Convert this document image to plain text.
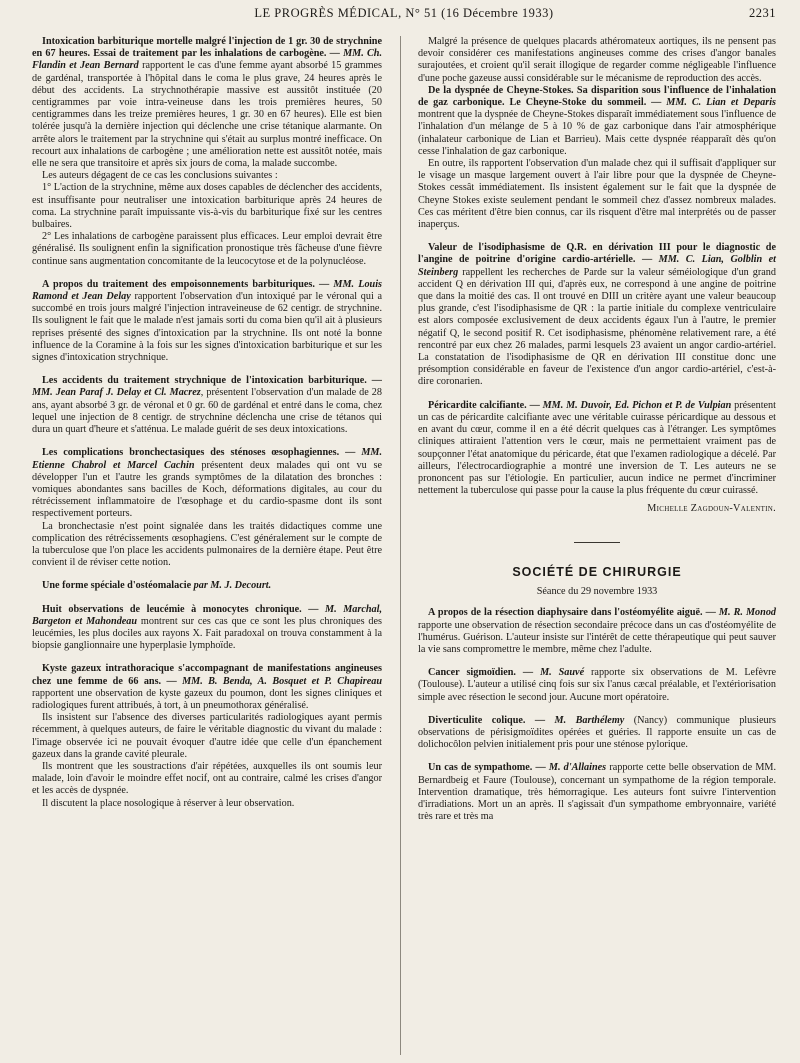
LE PROGRÈS MÉDICAL, N° 51 (16 Décembre 1933)	2231

Intoxication barbiturique mortelle malgré l'injection de 1 gr. 30 de strychnine en 67 heures. Essai de traitement par les inhalations de carbogène. — MM. Ch. Flandin et Jean Bernard rapportent le cas d'une femme ayant absorbé 15 grammes de gardénal, transportée à l'hôpital dans le coma le plus grave, 24 heures après le début des accidents. La strychnothérapie massive est aussitôt instituée (20 centigrammes par voie intra-veineuse dans les trois premières heures, 50 centigrammes dans les treize premières heures, 1 gr. 30 en 67 heures). Elle est bien tolérée jusqu'à la dernière injection qui déclenche une crise tétanique alarmante. On arrête alors le traitement par la strychnine qui s'était au surplus montré inefficace. On recourt aux inhalations de carbogène ; une amélioration nette est aussitôt notée, mais elle ne sera que transitoire et après six jours de coma, la malade succombe.

Les auteurs dégagent de ce cas les conclusions suivantes :

1° L'action de la strychnine, même aux doses capables de déclencher des accidents, est insuffisante pour neutraliser une intoxication barbiturique après 24 heures de coma. La strychnine paraît impuissante vis-à-vis du barbiturique fixé sur les centres bulbaires.

2° Les inhalations de carbogène paraissent plus efficaces. Leur emploi devrait être généralisé. Ils soulignent enfin la signification pronostique très fâcheuse d'une fièvre continue sans augmentation concomitante de la leucocytose et de la polynucléose.

A propos du traitement des empoisonnements barbituriques. — MM. Louis Ramond et Jean Delay rapportent l'observation d'un intoxiqué par le véronal qui a succombé en trois jours malgré l'injection intraveineuse de 62 centigr. de strychnine. Ils soulignent le fait que le malade n'est jamais sorti du coma bien qu'il ait à plusieurs reprises présenté des signes d'intoxication par la strychnine. Ils ont noté la bonne influence de la Coramine à la fois sur les signes d'intoxication barbiturique et sur les signes d'intoxication strychnique.

Les accidents du traitement strychnique de l'intoxication barbiturique. — MM. Jean Paraf J. Delay et Cl. Macrez, présentent l'observation d'un malade de 28 ans, ayant absorbé 3 gr. de véronal et 0 gr. 60 de gardénal et entré dans le coma, chez lequel une injection de 8 centigr. de strychnine déclencha une crise de tétanos qui dura un quart d'heure et s'atténua. Le malade guérit de ses deux intoxications.

Les complications bronchectasiques des sténoses œsophagiennes. — MM. Etienne Chabrol et Marcel Cachin présentent deux malades qui ont vu se développer l'un et l'autre les grands symptômes de la dilatation des bronches : vomiques abondantes sans bacilles de Koch, déformations digitales, au cour du rétrécissement inflammatoire de l'œsophage et du cardio-spasme dont ils sont respectivement porteurs.

La bronchectasie n'est point signalée dans les traités didactiques comme une complication des rétrécissements œsophagiens. C'est généralement sur le compte de la tuberculose que l'on place les accidents pulmonaires de la dernière étape. Peut être convient il de réviser cette notion.

Une forme spéciale d'ostéomalacie par M. J. Decourt.

Huit observations de leucémie à monocytes chronique. — M. Marchal, Bargeton et Mahondeau montrent sur ces cas que ce sont les plus chroniques des leucémies, les plus dociles aux rayons X. Fait paradoxal on trouva constamment à la biopsie ganglionnaire une hyperplasie lymphoïde.

Kyste gazeux intrathoracique s'accompagnant de manifestations angineuses chez une femme de 66 ans. — MM. B. Benda, A. Bosquet et P. Chapireau rapportent une observation de kyste gazeux du poumon, dont les signes cliniques et radiologiques furent attribués, à tort, à un pneumothorax généralisé.

Ils insistent sur l'absence des diverses particularités radiologiques ayant permis récemment, à quelques auteurs, de faire le véritable diagnostic du vivant du malade : l'image observée ici ne pouvait évoquer d'autre idée que celle d'un épanchement gazeux dans la grande cavité pleurale.

Ils montrent que les soustractions d'air répétées, auxquelles ils ont soumis leur malade, loin d'avoir le moindre effet nocif, ont au contraire, calmé les crises d'angor et les accès de dyspnée.

Il discutent la place nosologique à réserver à leur observation.

Malgré la présence de quelques placards athéromateux aortiques, ils ne pensent pas devoir considérer ces manifestations angineuses comme des crises d'angor banales surajoutées, et croient qu'il serait illogique de regarder comme négligeable l'influence d'une poche gazeuse aussi considérable sur le mécanisme de reproduction des accès.

De la dyspnée de Cheyne-Stokes. Sa disparition sous l'influence de l'inhalation de gaz carbonique. Le Cheyne-Stoke du sommeil. — MM. C. Lian et Deparis montrent que la dyspnée de Cheyne-Stokes disparaît immédiatement sous l'influence de l'inhalation d'un mélange de 5 à 10 % de gaz carbonique dans l'air atmosphérique (inhalateur carbonique de Lian et Barrieu). Mais cette dyspnée réapparaît dès qu'on cesse l'inhalation de gaz carbonique.

En outre, ils rapportent l'observation d'un malade chez qui il suffisait d'appliquer sur le visage un masque largement ouvert à l'air libre pour que la dyspnée de Cheyne-Stokes cessât immédiatement. Ils insistent également sur le fait que la dyspnée de Cheyne Stokes existe seulement pendant le sommeil chez d'assez nombreux malades. Ces cas méritent d'être bien connus, car ils risquent d'être mal interprétés ou de passer inaperçus.

Valeur de l'isodiphasisme de Q.R. en dérivation III pour le diagnostic de l'angine de poitrine d'origine cardio-artérielle. — MM. C. Lian, Golblin et Steinberg rappellent les recherches de Parde sur la valeur séméiologique d'un grand accident Q en dérivation III qui, d'après eux, ne correspond à une angine de poitrine que dans la moitié des cas. Il ont trouvé en DIII un critère ayant une valeur beaucoup plus grande, c'est l'isodiphasisme de QR : la partie initiale du complexe ventriculaire est alors composée exclusivement de deux accidents égaux l'un à l'autre, le premier négatif Q, le second positif R. Cet isodiphasisme, phénomène relativement rare, a été rencontré par eux chez 26 malades, parmi lesquels 23 avaient un angor cardio-artériel. La constatation de l'isodiphasisme de QR en dérivation III constitue donc une présomption considérable en faveur de l'existence d'un angor cardio-artériel, c'est-à-dire coronarien.

Péricardite calcifiante. — MM. M. Duvoir, Ed. Pichon et P. de Vulpian présentent un cas de péricardite calcifiante avec une véritable cuirasse péricardique au dessous et en avant du cœur, comme il en a été décrit quelques cas à l'étranger. Les symptômes cliniques attiraient l'attention vers le cœur, mais ne permettaient vraiment pas de soupçonner l'état anatomique du péricarde, état que l'examen radiologique a décelé. Par ailleurs, l'électrocardiographie a montré une inversion de T. Les auteurs ne se prononcent pas sur l'étiologie. En particulier, aucun indice ne permet d'incriminer nettement la tuberculose qui passe pour la cause la plus fréquente du cœur cuirassé.

Michelle Zagdoun-Valentin.
SOCIÉTÉ DE CHIRURGIE
Séance du 29 novembre 1933

A propos de la résection diaphysaire dans l'ostéomyélite aiguë. — M. R. Monod rapporte une observation de résection secondaire précoce dans un cas d'ostéomyélite de l'humérus. Guérison. L'auteur insiste sur l'intérêt de cette thérapeutique qui peut sauver la vie sans compromettre le membre, même chez l'adulte.

Cancer sigmoïdien. — M. Sauvé rapporte six observations de M. Lefèvre (Toulouse). L'auteur a utilisé cinq fois sur six l'anus cæcal préalable, et l'extériorisation simple avec résection le second jour. Aucune mort opératoire.

Diverticulite colique. — M. Barthélemy (Nancy) communique plusieurs observations de périsigmoïdites opérées et guéries. Il rapporte ensuite un cas de dolichocôlon pelvien initialement pris pour une sténose pylorique.

Un cas de sympathome. — M. d'Allaines rapporte cette belle observation de MM. Bernardbeig et Faure (Toulouse), concernant un sympathome de la région temporale. Intervention dramatique, très hémorragique. Les auteurs font suivre l'intervention d'irradiations. Mort un an après. Il s'agissait d'un sympathome embryonnaire, variété très rare et très ma
